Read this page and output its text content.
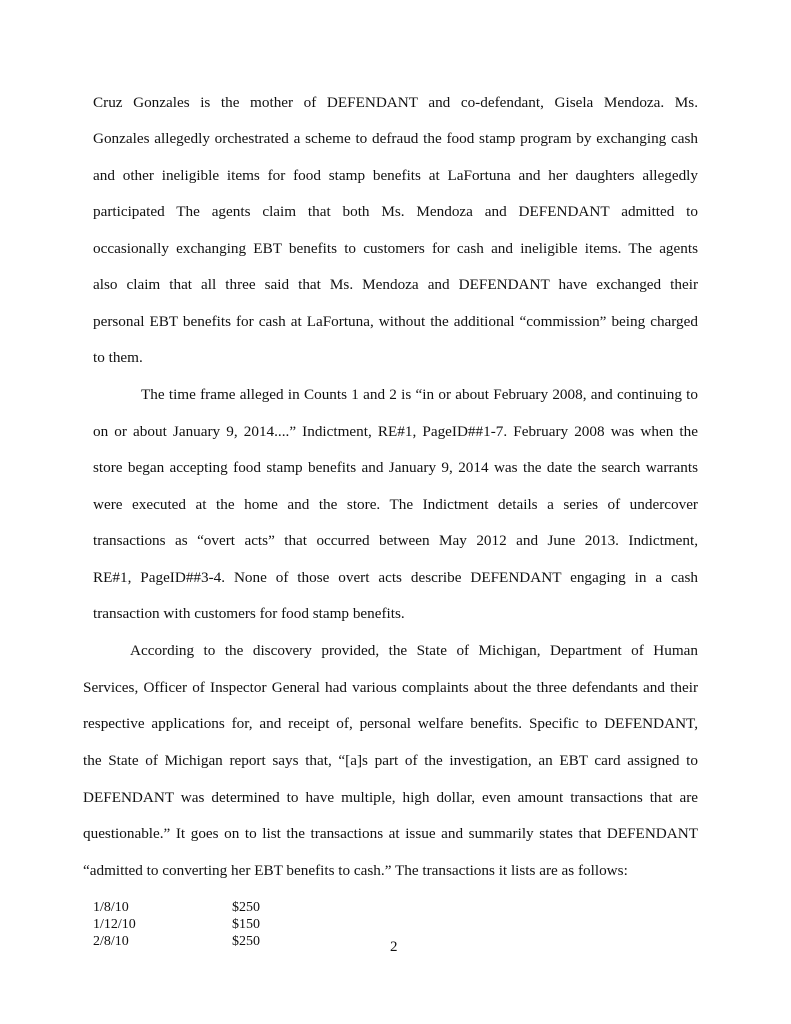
Cruz Gonzales is the mother of DEFENDANT and co-defendant, Gisela Mendoza. Ms.
Gonzales allegedly orchestrated a scheme to defraud the food stamp program by exchanging cash
and other ineligible items for food stamp benefits at LaFortuna and her daughters allegedly
participated The agents claim that both Ms. Mendoza and DEFENDANT admitted to
occasionally exchanging EBT benefits to customers for cash and ineligible items. The agents
also claim that all three said that Ms. Mendoza and DEFENDANT have exchanged their
personal EBT benefits for cash at LaFortuna, without the additional “commission” being charged
to them.
The time frame alleged in Counts 1 and 2 is “in or about February 2008, and continuing to
on or about January 9, 2014....” Indictment, RE#1, PageID##1-7. February 2008 was when the
store began accepting food stamp benefits and January 9, 2014 was the date the search warrants
were executed at the home and the store. The Indictment details a series of undercover
transactions as “overt acts” that occurred between May 2012 and June 2013. Indictment,
RE#1, PageID##3-4. None of those overt acts describe DEFENDANT engaging in a cash
transaction with customers for food stamp benefits.
According to the discovery provided, the State of Michigan, Department of Human
Services, Officer of Inspector General had various complaints about the three defendants and their
respective applications for, and receipt of, personal welfare benefits. Specific to DEFENDANT,
the State of Michigan report says that, “[a]s part of the investigation, an EBT card assigned to
DEFENDANT was determined to have multiple, high dollar, even amount transactions that are
questionable.” It goes on to list the transactions at issue and summarily states that DEFENDANT
“admitted to converting her EBT benefits to cash.” The transactions it lists are as follows:
1/8/10	$250
1/12/10	$150
2/8/10	$250	2
